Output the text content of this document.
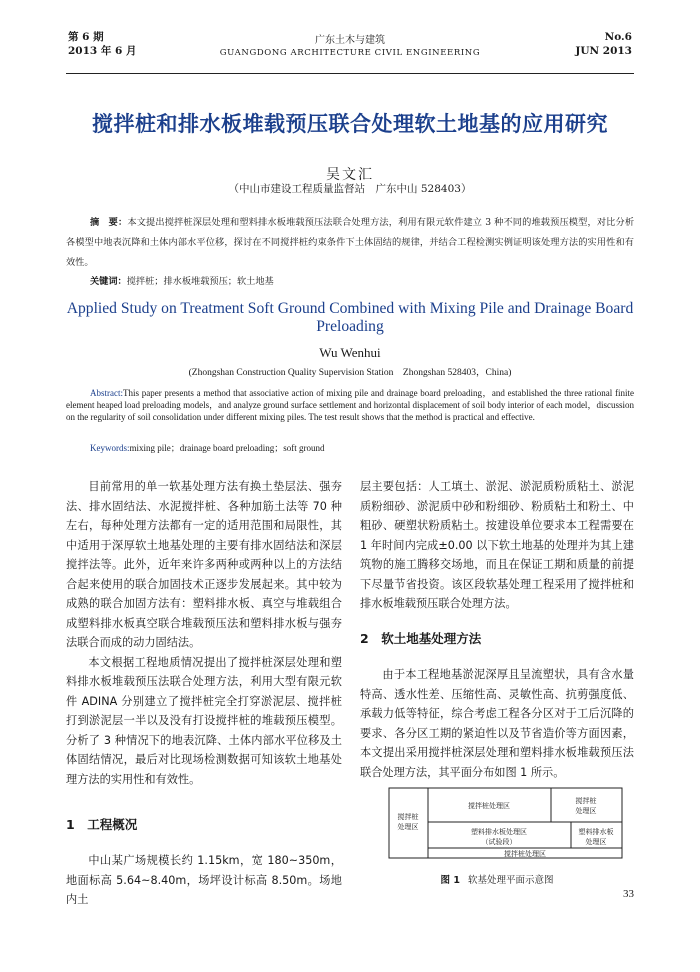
第 6 期
2013 年 6 月
广东土木与建筑
GUANGDONG ARCHITECTURE CIVIL ENGINEERING
No.6
JUN 2013
搅拌桩和排水板堆载预压联合处理软土地基的应用研究
吴文汇
（中山市建设工程质量监督站　广东中山 528403）
摘　要：本文提出搅拌桩深层处理和塑料排水板堆载预压法联合处理方法，利用有限元软件建立 3 种不同的堆载预压模型，对比分析各模型中地表沉降和土体内部水平位移，探讨在不同搅拌桩约束条件下土体固结的规律，并结合工程检测实例证明该处理方法的实用性和有效性。
关键词：搅拌桩；排水板堆载预压；软土地基
Applied Study on Treatment Soft Ground Combined with Mixing Pile and Drainage Board Preloading
Wu Wenhui
(Zhongshan Construction Quality Supervision Station　Zhongshan 528403，China)
Abstract:This paper presents a method that associative action of mixing pile and drainage board preloading，and established the three rational finite element heaped load preloading models，and analyze ground surface settlement and horizontal displacement of soil body interior of each model，discussion on the regularity of soil consolidation under different mixing piles. The test result shows that the method is practical and effective.
Keywords:mixing pile；drainage board preloading；soft ground

目前常用的单一软基处理方法有换土垫层法、强夯法、排水固结法、水泥搅拌桩、各种加筋土法等 70 种左右，每种处理方法都有一定的适用范围和局限性，其中适用于深厚软土地基处理的主要有排水固结法和深层搅拌法等。此外，近年来许多两种或两种以上的方法结合起来使用的联合加固技术正逐步发展起来。其中较为成熟的联合加固方法有：塑料排水板、真空与堆载组合成塑料排水板真空联合堆载预压法和塑料排水板与强夯法联合而成的动力固结法。

本文根据工程地质情况提出了搅拌桩深层处理和塑料排水板堆载预压法联合处理方法，利用大型有限元软件 ADINA 分别建立了搅拌桩完全打穿淤泥层、搅拌桩打到淤泥层一半以及没有打设搅拌桩的堆载预压模型。分析了 3 种情况下的地表沉降、土体内部水平位移及土体固结情况，最后对比现场检测数据可知该软土地基处理方法的实用性和有效性。

1　工程概况

中山某广场规模长约 1.15km，宽 180~350m，地面标高 5.64~8.40m，场坪设计标高 8.50m。场地内土

层主要包括：人工填土、淤泥、淤泥质粉质粘土、淤泥质粉细砂、淤泥质中砂和粉细砂、粉质粘土和粉土、中粗砂、硬塑状粉质粘土。按建设单位要求本工程需要在 1 年时间内完成±0.00 以下软土地基的处理并为其上建筑物的施工腾移交场地，而且在保证工期和质量的前提下尽量节省投资。该区段软基处理工程采用了搅拌桩和排水板堆载预压联合处理方法。

2　软土地基处理方法

由于本工程地基淤泥深厚且呈流塑状，具有含水量特高、透水性差、压缩性高、灵敏性高、抗剪强度低、承载力低等特征，综合考虑工程各分区对于工后沉降的要求、各分区工期的紧迫性以及节省造价等方面因素，本文提出采用搅拌桩深层处理和塑料排水板堆载预压法联合处理方法，其平面分布如图 1 所示。

搅拌桩
处理区
搅拌桩处理区
搅拌桩
处理区
塑料排水板处理区
（试验段）
塑料排水板
处理区
搅拌桩处理区
图 1 软基处理平面示意图
33
